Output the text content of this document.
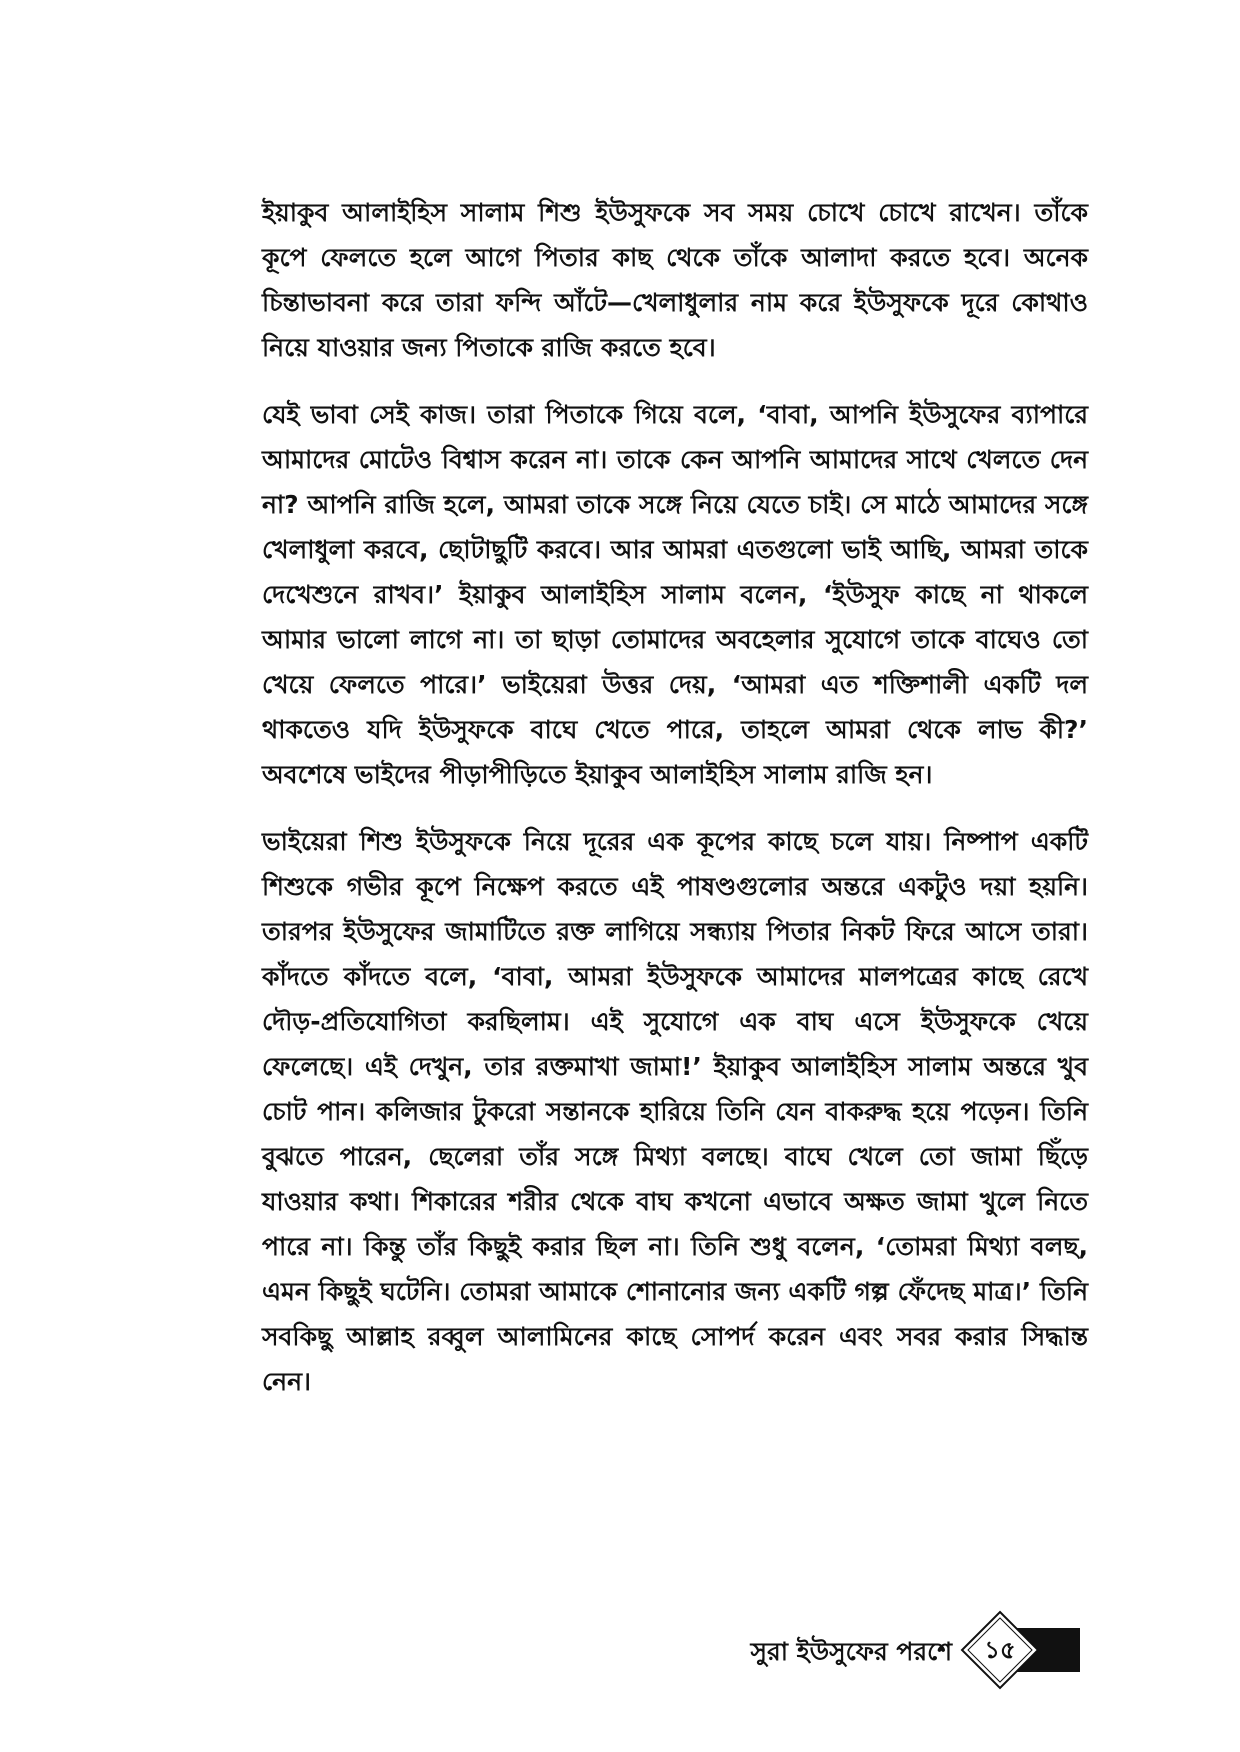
ইয়াকুব আলাইহিস সালাম শিশু ইউসুফকে সব সময় চোখে চোখে রাখেন। তাঁকে কূপে ফেলতে হলে আগে পিতার কাছ থেকে তাঁকে আলাদা করতে হবে। অনেক চিন্তাভাবনা করে তারা ফন্দি আঁটে—খেলাধুলার নাম করে ইউসুফকে দূরে কোথাও নিয়ে যাওয়ার জন্য পিতাকে রাজি করতে হবে।

যেই ভাবা সেই কাজ। তারা পিতাকে গিয়ে বলে, ‘বাবা, আপনি ইউসুফের ব্যাপারে আমাদের মোটেও বিশ্বাস করেন না। তাকে কেন আপনি আমাদের সাথে খেলতে দেন না? আপনি রাজি হলে, আমরা তাকে সঙ্গে নিয়ে যেতে চাই। সে মাঠে আমাদের সঙ্গে খেলাধুলা করবে, ছোটাছুটি করবে। আর আমরা এতগুলো ভাই আছি, আমরা তাকে দেখেশুনে রাখব।’ ইয়াকুব আলাইহিস সালাম বলেন, ‘ইউসুফ কাছে না থাকলে আমার ভালো লাগে না। তা ছাড়া তোমাদের অবহেলার সুযোগে তাকে বাঘেও তো খেয়ে ফেলতে পারে।’ ভাইয়েরা উত্তর দেয়, ‘আমরা এত শক্তিশালী একটি দল থাকতেও যদি ইউসুফকে বাঘে খেতে পারে, তাহলে আমরা থেকে লাভ কী?’ অবশেষে ভাইদের পীড়াপীড়িতে ইয়াকুব আলাইহিস সালাম রাজি হন।

ভাইয়েরা শিশু ইউসুফকে নিয়ে দূরের এক কূপের কাছে চলে যায়। নিষ্পাপ একটি শিশুকে গভীর কূপে নিক্ষেপ করতে এই পাষণ্ডগুলোর অন্তরে একটুও দয়া হয়নি। তারপর ইউসুফের জামাটিতে রক্ত লাগিয়ে সন্ধ্যায় পিতার নিকট ফিরে আসে তারা। কাঁদতে কাঁদতে বলে, ‘বাবা, আমরা ইউসুফকে আমাদের মালপত্রের কাছে রেখে দৌড়-প্রতিযোগিতা করছিলাম। এই সুযোগে এক বাঘ এসে ইউসুফকে খেয়ে ফেলেছে। এই দেখুন, তার রক্তমাখা জামা!’ ইয়াকুব আলাইহিস সালাম অন্তরে খুব চোট পান। কলিজার টুকরো সন্তানকে হারিয়ে তিনি যেন বাকরুদ্ধ হয়ে পড়েন। তিনি বুঝতে পারেন, ছেলেরা তাঁর সঙ্গে মিথ্যা বলছে। বাঘে খেলে তো জামা ছিঁড়ে যাওয়ার কথা। শিকারের শরীর থেকে বাঘ কখনো এভাবে অক্ষত জামা খুলে নিতে পারে না। কিন্তু তাঁর কিছুই করার ছিল না। তিনি শুধু বলেন, ‘তোমরা মিথ্যা বলছ, এমন কিছুই ঘটেনি। তোমরা আমাকে শোনানোর জন্য একটি গল্প ফেঁদেছ মাত্র।’ তিনি সবকিছু আল্লাহ রব্বুল আলামিনের কাছে সোপর্দ করেন এবং সবর করার সিদ্ধান্ত নেন।

সুরা ইউসুফের পরশে	১৫
